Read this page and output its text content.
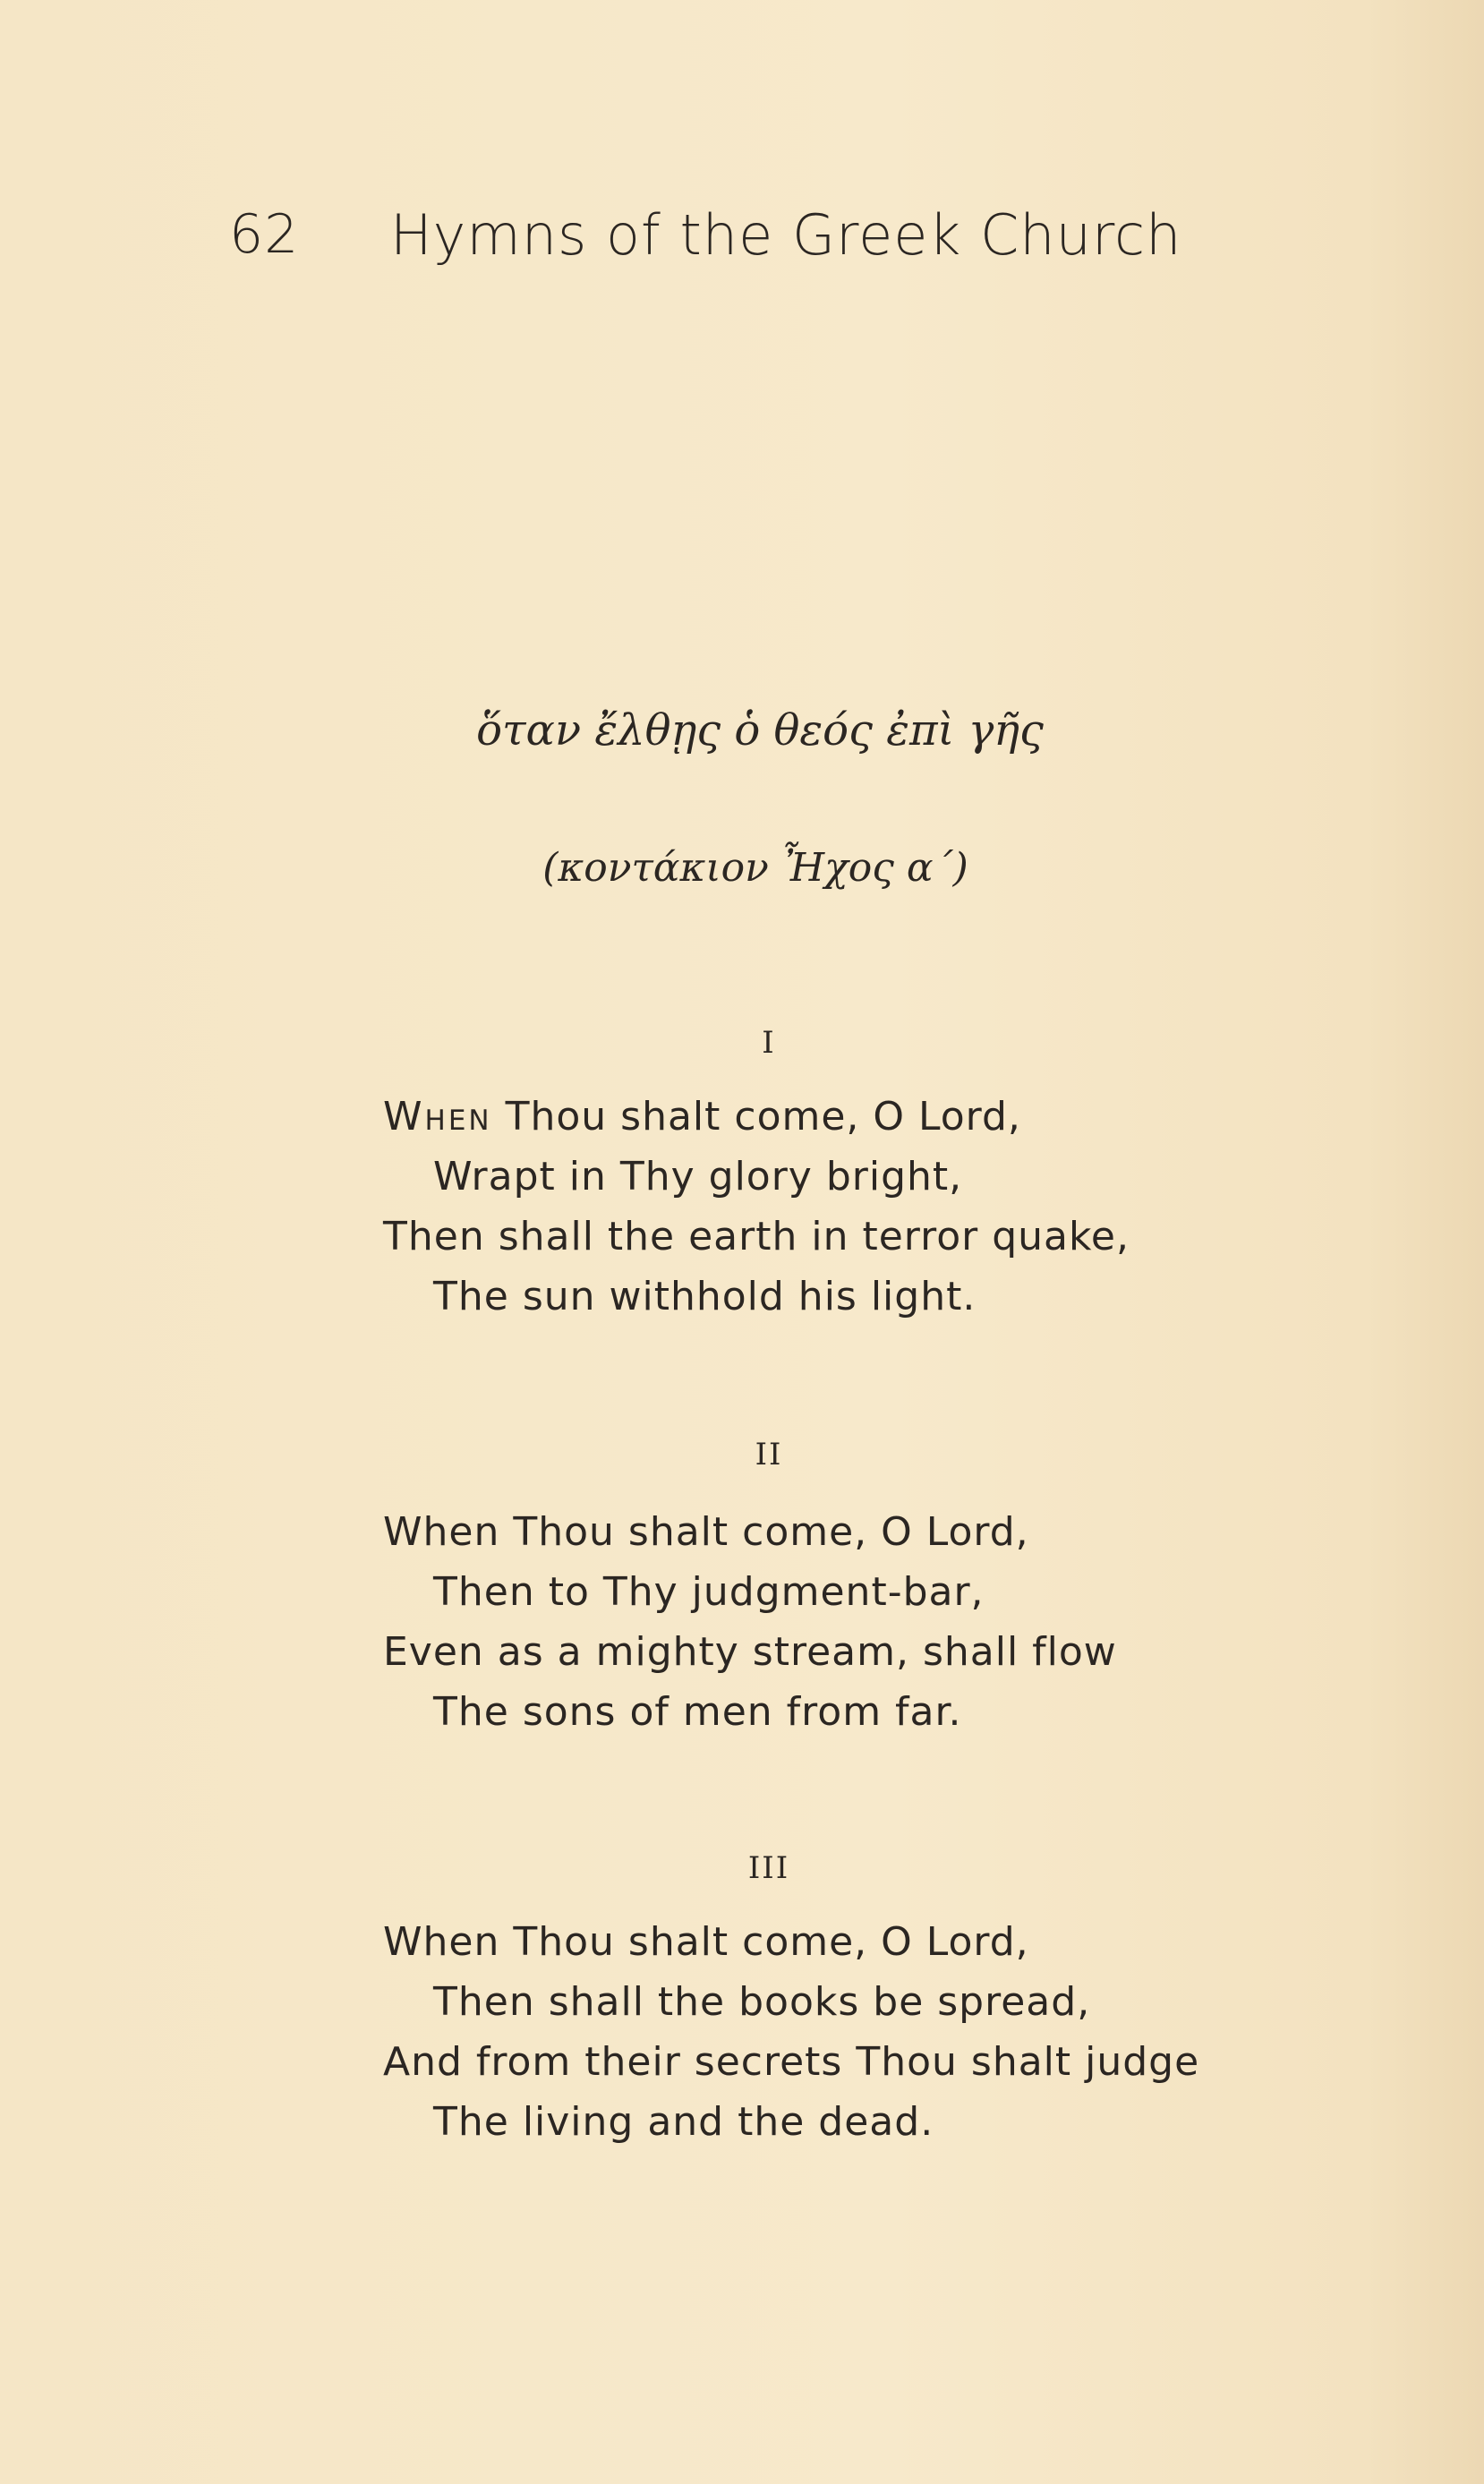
62 Hymns of the Greek Church
ὅταν ἔλθῃς ὁ θεός ἐπὶ γῆς
(κοντάκιον Ἦχος α΄)
I
When Thou shalt come, O Lord,
Wrapt in Thy glory bright,
Then shall the earth in terror quake,
The sun withhold his light.
II
When Thou shalt come, O Lord,
Then to Thy judgment-bar,
Even as a mighty stream, shall flow
The sons of men from far.
III
When Thou shalt come, O Lord,
Then shall the books be spread,
And from their secrets Thou shalt judge
The living and the dead.
